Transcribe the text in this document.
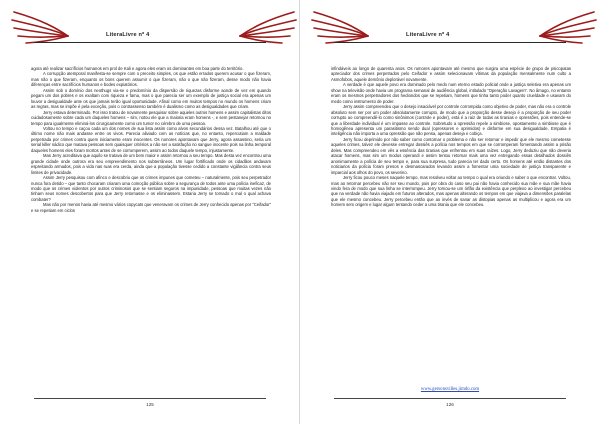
LiteraLivre nº 4

agora até realizar sacrifícios humanos em prol de Kali e agora eles eram os dominantes em boa parte do território.

A corrupção atemporal manifesta-se sempre com o preceito simples, os que estão errados querem acusar o que fizeram, mas não o que fizeram, enquanto os bons querem assumir o que fizeram, não o que não fizeram, desse modo não havia diferenças entre sacrifícios humanos e bodes expiatórios.

Assim sob o domínio dos neothugs via-se o predomínio da dispersão de riquezas disforme aonde de vez em quando pegam um dos pobres e os exaltam com riqueza e fama, mas o que parecia ser um exemplo de justiça social era apenas um louvor a desigualdade ante os que jamais terão igual oportunidade. Afinal como em muitos tempos no mundo os homens criam as regras, mas se impõe é pela exceção, pois o contrassenso também é dualismo como as desigualdades que criam.

Jerry estava determinado. Por isso tratou de novamente pesquisar sobre aqueles outros homens e assim capitalistas ditos cuidadosamente sobre cada um daqueles homens – sim, notou ele que a maioria eram homens -, e sem pestanejar retornou no tempo para igualmente eliminá-los cirurgicamente como um tumor no cérebro de uma pessoa.

Voltou no tempo e caçou cada um dos nomes de sua lista assim como alvos secundários dessa vez. Batalhou até que o último nome não mais andasse entre os vivos. Parecia aliviado com as notícias que, no entanto, repercutiam a maldade perpetrada por crimes contra quem iniciamente eram inocentes. Os rumores apontavam que Jerry, agora assassino, seria um serial killer sádico que matava pessoas sem quaisquer critérios a não ser a satisfação no sangue inocente pois na linha temporal daqueles homens eles foram mortos antes de se corromperem, assim ao todos daquele tempo, injustamente.

Mas Jerry acreditava que aquilo se tratava de um bem maior e assim retornou a seu tempo. Mas desta vez encontrou uma grande cidade onde outrora era seu empreendimento nos subterrâneos. Um lugar fortificado onde os cidadãos andavam espreitando armados, pois a vida nas ruas era cerda, ainda que a população tivesse cedido a constante vigilância contra seus limites de privacidade.

Assim Jerry pesquisou com afinco e descobriu que os crimes impunes que cometeu – naturalmente, pois seu perpetrador nunca fora detido – que tanto chocaram criaram uma comoção pública sobre a segurança de todos ante uma polícia ineficaz, de modo que os crimes violentos por outros criminosos que se sentiam seguros na impunidade, pessoas que muitas vezes não tinham seus nomes descobertos para que Jerry retornasse e os eliminassem. Estaria Jerry se tornado o mal o qual achava combater?

Mas não por menos havia até mesmo vários copycats que veneravam os crimes de Jerry conhecido apenas por “Ceifador” e se repetiam em ciclos

125
LiteraLivre nº 4

infindáveis ao longo de quarenta anos. Os rumores apontavam até mesmo que surgira uma espécie de grupo de psicopatas apreciador dos crimes perpetrados pelo Ceifador e assim selecionavam vítimas da população mensalmente num culto a Asmofobos, aquele demônio deplorável novamente.

A verdade é que aquele povo era dominado pelo medo num eterno estado policial onde a justiça seletiva era apenas um show na televisão onde havia um programa semanal de audiência global, intitulado “Operação Lavagem”. No âmago, no entanto eram os mesmos perpetradores dos hediondos que se repetiam, homens que tinha tanto poder quanto crueldade e usavam do medo como instrumento de poder.

Jerry assim compreendeu que o desejo insaciável por controle corrompida como objetivo de poder, mas não era o controle absoluto sem ser por um poder absolutamente corrupto, de modo que a proporção desse desejo é a proporção de seu poder corrupto ao compreendê-lo como sinônimos (controle e poder), está é a raiz de todas as tiranias e opressões, pois entende-se que a liberdade individual é um impasse ao controle. Sobretudo a opressão repele a simbiose, opostamente a simbiose que é homogênea apresenta um parasitismo sendo dual (opressores e oprimidos) e disforme em sua desigualdade. Empatia é inteligência não importa a uma opressão que não pensa, apenas deseja e cobiça.

Jerry ficou deprimido por não saber como contornar o problema e não ser retornar e impedir que ele mesmo cometesse aqueles crimes, talvez ele devesse entregar dossiês a polícia nos tempos em que se corromperam fomentando assim a prisão deles. Mas compreendeu em vês a essência das tiranias que enfrentou em suas raízes. Logo, Jerry deduziu que não deveria atacar homens, mas sim um modus operandi e assim tentou retornar mais uma vez entregando essas detalhados dossiês anonimamente a polícia de seu tempo e, para sua surpresa, tudo parecia ter dado certo. Os homens até então distantes dos noticiarios da polícia foram presos e desmascarados levando assim a fomentar uma sociedade de justiça transparente e imparcial aos olhos do povo, os severino.

Jerry ficou pouco meses naquele tempo, mas resolveu voltar ao tempo o qual era oriundo e saber o que encontrar. Voltou, mas ao retornar percebeu não ser seu mundo, pois por obra do caso seu pai não havia conhecido sua mãe e sua mãe havia vindo fera de modo que sua linha se interrompeu. Jerry tornou-se um órfão da existência que perplexo ao investigar percebeu que na verdade não havia viajado em futuros alterados, mas apenas alterando os tempos em que viajava a dimensões paralelas que ele mesmo concebeu. Jerry percebeu então que ao invés de sanar as distopias apenas as multiplicou e agora era um homem sem origem e lugar algum tentando ceder a uma tirania que ele concebeu.

www.gersonsvilles.jimdo.com
126
